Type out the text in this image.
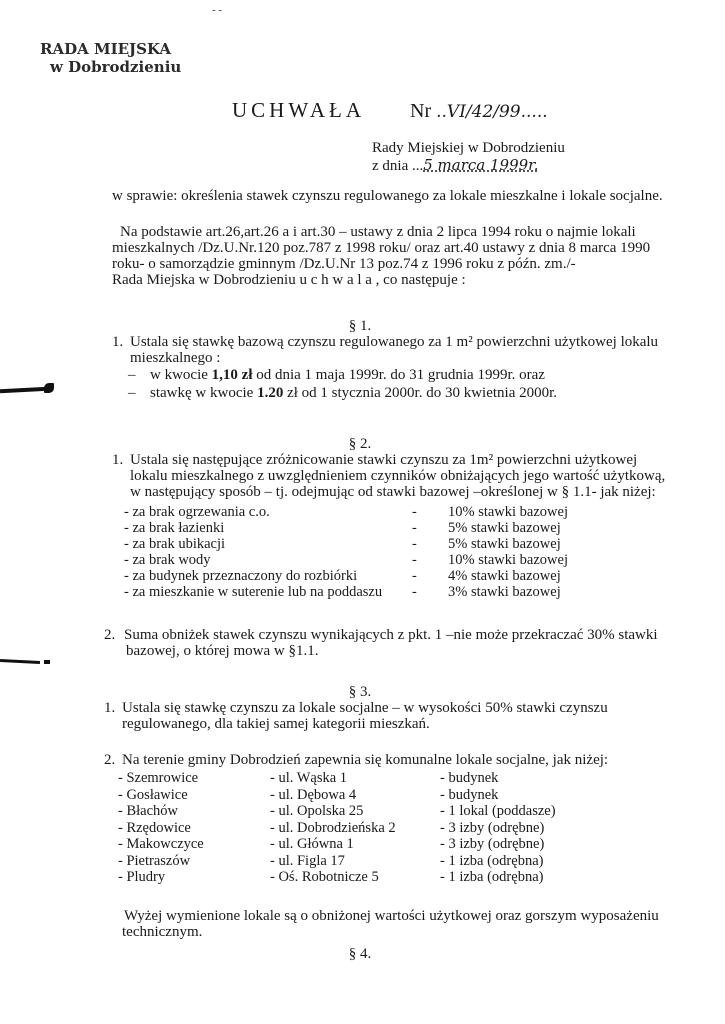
- -
RADA MIEJSKA
w Dobrodzieniu
UCHWAŁA Nr ..VI/42/99.....
Rady Miejskiej w Dobrodzieniu
z dnia ...5 marca 1999r.
w sprawie: określenia stawek czynszu regulowanego za lokale mieszkalne i lokale socjalne.

Na podstawie art.26,art.26 a i art.30 – ustawy z dnia 2 lipca 1994 roku o najmie lokali

mieszkalnych /Dz.U.Nr.120 poz.787 z 1998 roku/ oraz art.40 ustawy z dnia 8 marca 1990

roku- o samorządzie gminnym /Dz.U.Nr 13 poz.74 z 1996 roku z późn. zm./-

Rada Miejska w Dobrodzieniu u c h w a l a , co następuje :

§ 1.
1. Ustala się stawkę bazową czynszu regulowanego za 1 m² powierzchni użytkowej lokalu
mieszkalnego :
– w kwocie 1,10 zł od dnia 1 maja 1999r. do 31 grudnia 1999r. oraz
– stawkę w kwocie 1.20 zł od 1 stycznia 2000r. do 30 kwietnia 2000r.
§ 2.
1. Ustala się następujące zróżnicowanie stawki czynszu za 1m² powierzchni użytkowej
lokalu mieszkalnego z uwzględnieniem czynników obniżających jego wartość użytkową,
w następujący sposób – tj. odejmując od stawki bazowej –określonej w § 1.1- jak niżej:
- za brak ogrzewania c.o.	- 10% stawki bazowej
- za brak łazienki	- 5% stawki bazowej
- za brak ubikacji	- 5% stawki bazowej
- za brak wody	- 10% stawki bazowej
- za budynek przeznaczony do rozbiórki	- 4% stawki bazowej
- za mieszkanie w suterenie lub na poddaszu - 3% stawki bazowej
2. Suma obniżek stawek czynszu wynikających z pkt. 1 –nie może przekraczać 30% stawki
bazowej, o której mowa w §1.1.
§ 3.
1. Ustala się stawkę czynszu za lokale socjalne – w wysokości 50% stawki czynszu
regulowanego, dla takiej samej kategorii mieszkań.
2. Na terenie gminy Dobrodzień zapewnia się komunalne lokale socjalne, jak niżej:
- Szemrowice	- ul. Wąska 1	- budynek
- Gosławice	- ul. Dębowa 4	- budynek
- Błachów	- ul. Opolska 25	- 1 lokal (poddasze)
- Rzędowice	- ul. Dobrodzieńska 2	- 3 izby (odrębne)
- Makowczyce	- ul. Główna 1	- 3 izby (odrębne)
- Pietraszów	- ul. Figla 17	- 1 izba (odrębna)
- Pludry	- Oś. Robotnicze 5	- 1 izba (odrębna)
Wyżej wymienione lokale są o obniżonej wartości użytkowej oraz gorszym wyposażeniu
technicznym.
§ 4.
